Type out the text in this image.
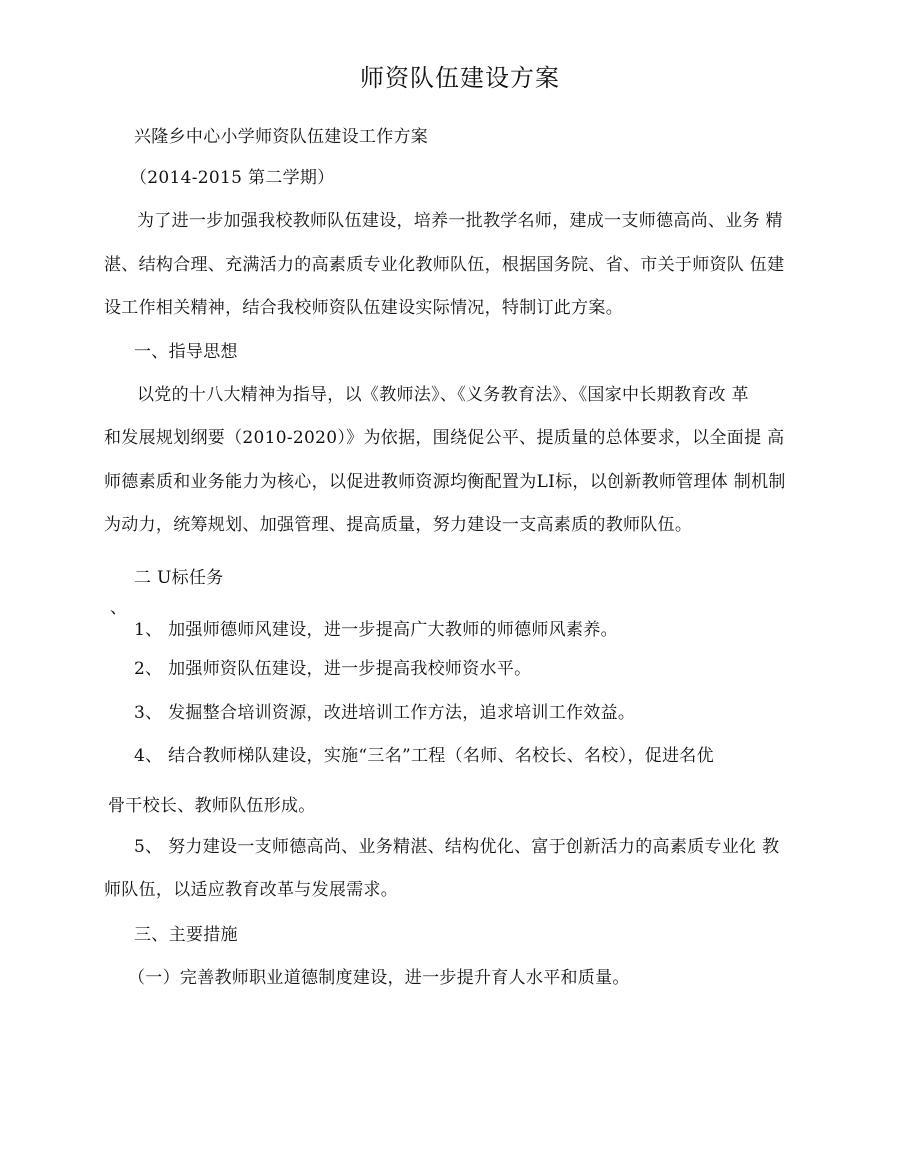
师资队伍建设方案
兴隆乡中心小学师资队伍建设工作方案
（2014-2015 第二学期）
为了进一步加强我校教师队伍建设，培养一批教学名师，建成一支师德高尚、业务 精
湛、结构合理、充满活力的高素质专业化教师队伍，根据国务院、省、市关于师资队 伍建
设工作相关精神，结合我校师资队伍建设实际情况，特制订此方案。
一、指导思想
以党的十八大精神为指导，以《教师法》、《义务教育法》、《国家中长期教育改 革
和发展规划纲要（2010-2020）》为依据，围绕促公平、提质量的总体要求，以全面提 高
师德素质和业务能力为核心，以促进教师资源均衡配置为LI标，以创新教师管理体 制机制
为动力，统筹规划、加强管理、提高质量，努力建设一支高素质的教师队伍。
二 U标任务
、
1、 加强师德师风建设，进一步提高广大教师的师德师风素养。
2、 加强师资队伍建设，进一步提高我校师资水平。
3、 发掘整合培训资源，改进培训工作方法，追求培训工作效益。
4、 结合教师梯队建设，实施“三名”工程（名师、名校长、名校），促进名优
骨干校长、教师队伍形成。
5、 努力建设一支师德高尚、业务精湛、结构优化、富于创新活力的高素质专业化 教
师队伍，以适应教育改革与发展需求。
三、主要措施
（一）完善教师职业道德制度建设，进一步提升育人水平和质量。
